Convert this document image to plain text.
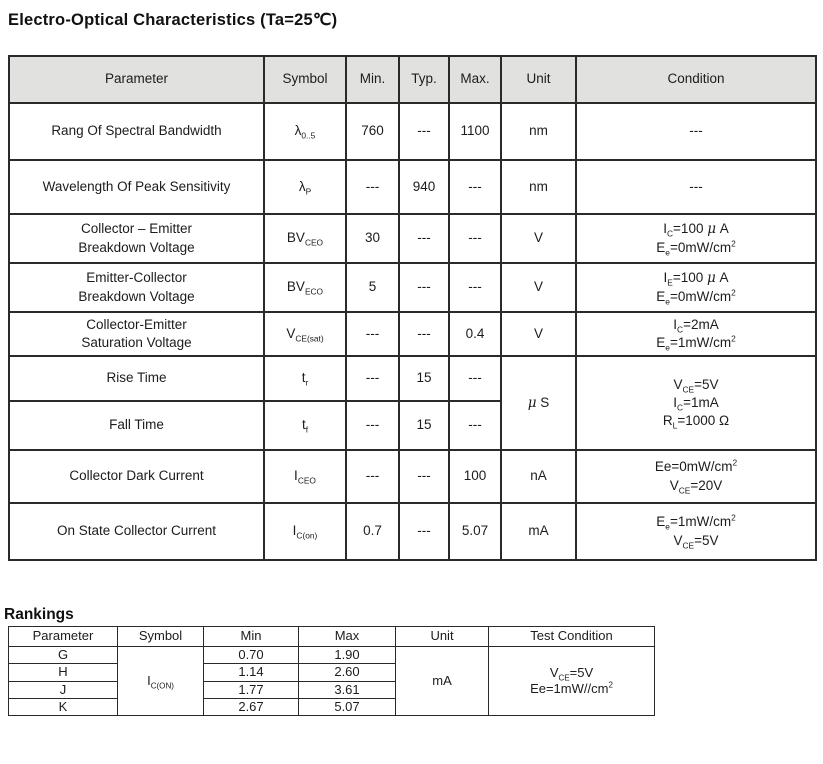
Electro-Optical Characteristics (Ta=25℃)
Parameter	Symbol	Min.	Typ.	Max.	Unit	Condition
Rang Of Spectral Bandwidth	$\lambda_{0..5}$	760	---	1100	nm	---
Wavelength Of Peak Sensitivity	$\lambda_P$	---	940	---	nm	---
Collector – Emitter
Breakdown Voltage	$BV_{CEO}$	30	---	---	V	$I_C=100$ μ A
$E_e=0mW/cm^2$
Emitter-Collector
Breakdown Voltage	$BV_{ECO}$	5	---	---	V	$I_E=100$ μ A
$E_e=0mW/cm^2$
Collector-Emitter
Saturation Voltage	$V_{CE(sat)}$	---	---	0.4	V	$I_C=2mA$
$E_e=1mW/cm^2$
Rise Time	$t_r$	---	15	---	μ S	$V_{CE}=5V$
$I_C=1mA$
$R_L=1000$ Ω
Fall Time	$t_f$	---	15	---		
Collector Dark Current	$I_{CEO}$	---	---	100	nA	$Ee=0mW/cm^2$
$V_{CE}=20V$
On State Collector Current	$I_{C(on)}$	0.7	---	5.07	mA	$E_e=1mW/cm^2$
$V_{CE}=5V$
Rankings
Parameter	Symbol	Min	Max	Unit	Test Condition
G	$I_{C(ON)}$	0.70	1.90	mA	$V_{CE}=5V$
$Ee=1mW//cm^2$
H		1.14	2.60		
J		1.77	3.61		
K		2.67	5.07		
